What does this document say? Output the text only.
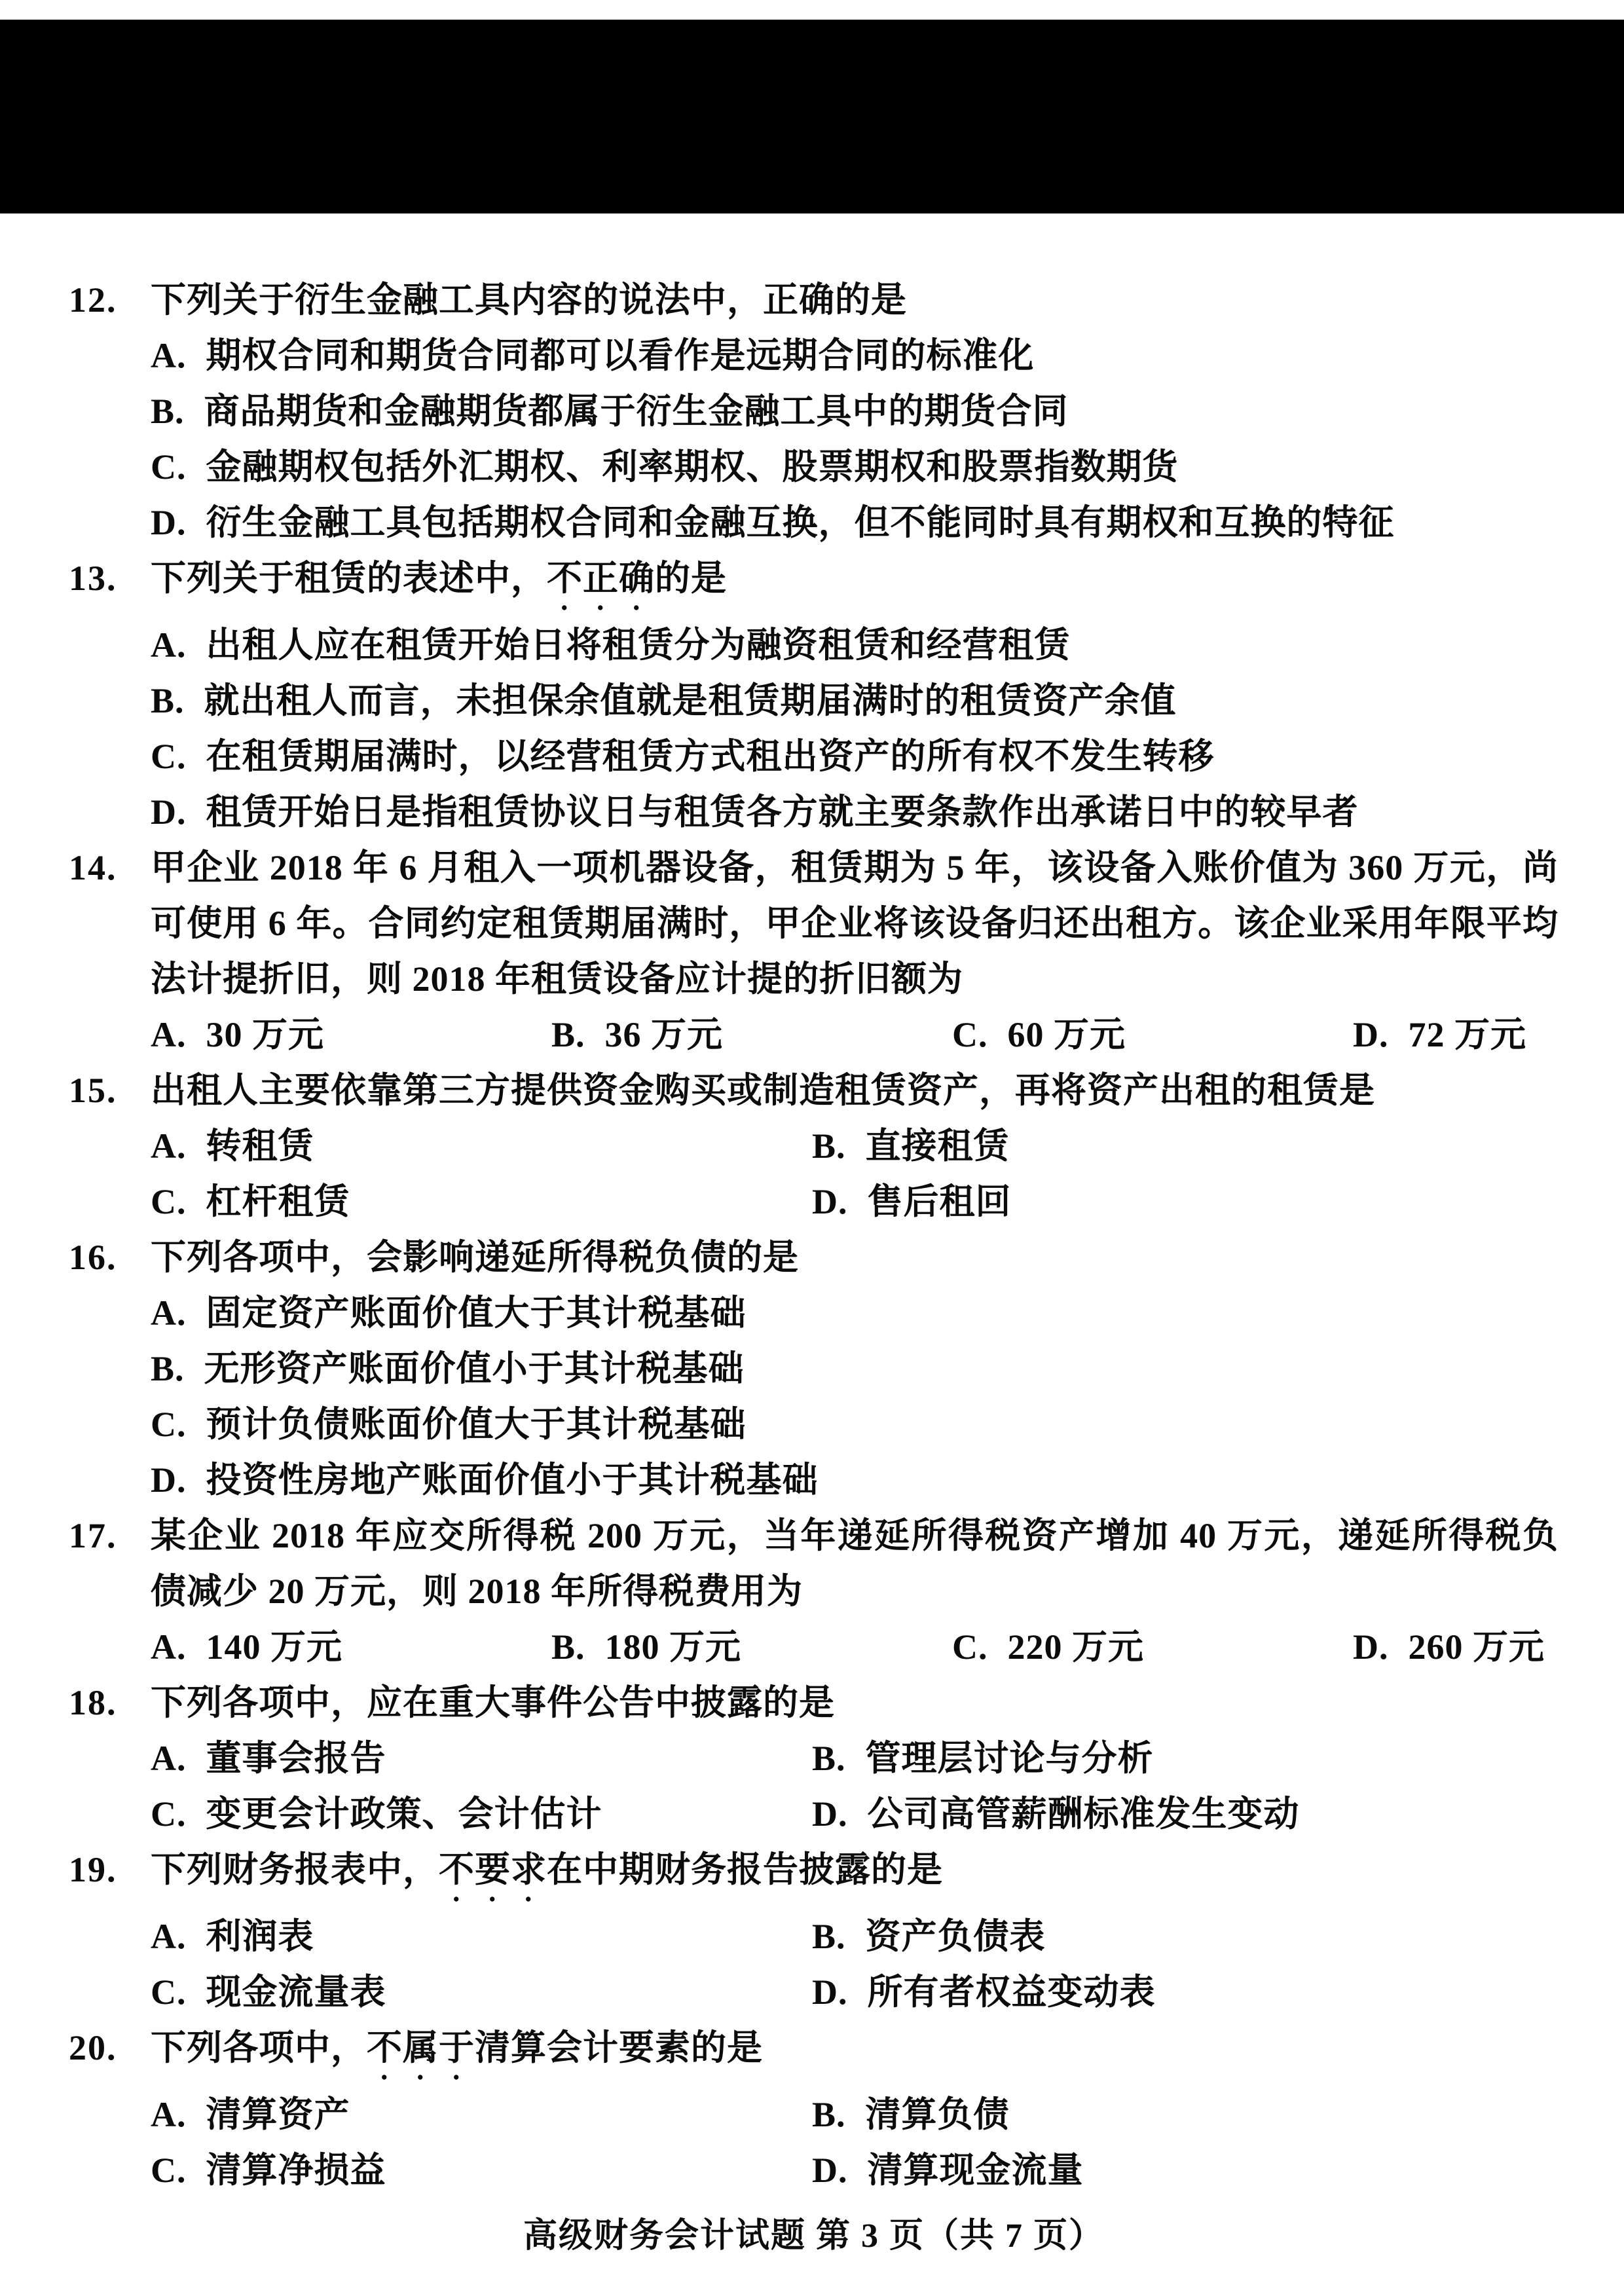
12. 下列关于衍生金融工具内容的说法中，正确的是
A. 期权合同和期货合同都可以看作是远期合同的标准化
B. 商品期货和金融期货都属于衍生金融工具中的期货合同
C. 金融期权包括外汇期权、利率期权、股票期权和股票指数期货
D. 衍生金融工具包括期权合同和金融互换，但不能同时具有期权和互换的特征
13. 下列关于租赁的表述中，不正确的是
A. 出租人应在租赁开始日将租赁分为融资租赁和经营租赁
B. 就出租人而言，未担保余值就是租赁期届满时的租赁资产余值
C. 在租赁期届满时，以经营租赁方式租出资产的所有权不发生转移
D. 租赁开始日是指租赁协议日与租赁各方就主要条款作出承诺日中的较早者
14. 甲企业 2018 年 6 月租入一项机器设备，租赁期为 5 年，该设备入账价值为 360 万元，尚可使用 6 年。合同约定租赁期届满时，甲企业将该设备归还出租方。该企业采用年限平均法计提折旧，则 2018 年租赁设备应计提的折旧额为
A. 30 万元	B. 36 万元	C. 60 万元	D. 72 万元
15. 出租人主要依靠第三方提供资金购买或制造租赁资产，再将资产出租的租赁是
A. 转租赁	B. 直接租赁
C. 杠杆租赁	D. 售后租回
16. 下列各项中，会影响递延所得税负债的是
A. 固定资产账面价值大于其计税基础
B. 无形资产账面价值小于其计税基础
C. 预计负债账面价值大于其计税基础
D. 投资性房地产账面价值小于其计税基础
17. 某企业 2018 年应交所得税 200 万元，当年递延所得税资产增加 40 万元，递延所得税负债减少 20 万元，则 2018 年所得税费用为
A. 140 万元	B. 180 万元	C. 220 万元	D. 260 万元
18. 下列各项中，应在重大事件公告中披露的是
A. 董事会报告	B. 管理层讨论与分析
C. 变更会计政策、会计估计	D. 公司高管薪酬标准发生变动
19. 下列财务报表中，不要求在中期财务报告披露的是
A. 利润表	B. 资产负债表
C. 现金流量表	D. 所有者权益变动表
20. 下列各项中，不属于清算会计要素的是
A. 清算资产	B. 清算负债
C. 清算净损益	D. 清算现金流量
高级财务会计试题 第 3 页（共 7 页）
